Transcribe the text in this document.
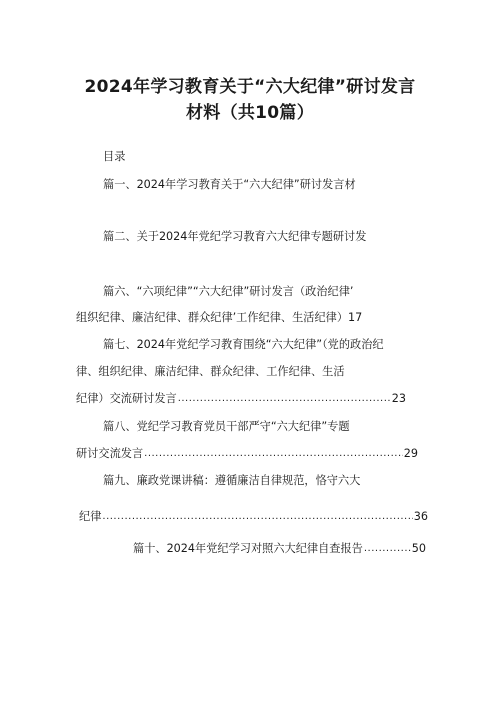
2024年学习教育关于“六大纪律”研讨发言
材料（共10篇）
目录
篇一、2024年学习教育关于“六大纪律”研讨发言材
篇二、关于2024年党纪学习教育六大纪律专题研讨发
篇六、“六项纪律”“六大纪律”研讨发言（政治纪律’
组织纪律、廉洁纪律、群众纪律’工作纪律、生活纪律）17
篇七、2024年党纪学习教育围绕“六大纪律”（党的政治纪
律、组织纪律、廉洁纪律、群众纪律、工作纪律、生活
纪律）交流研讨发言 .....	23
篇八、党纪学习教育党员干部严守“六大纪律”专题
研讨交流发言 .....	29
篇九、廉政党课讲稿：遵循廉洁自律规范，恪守六大
纪律 .....	36
篇十、2024年党纪学习对照六大纪律自查报告 .....	50
